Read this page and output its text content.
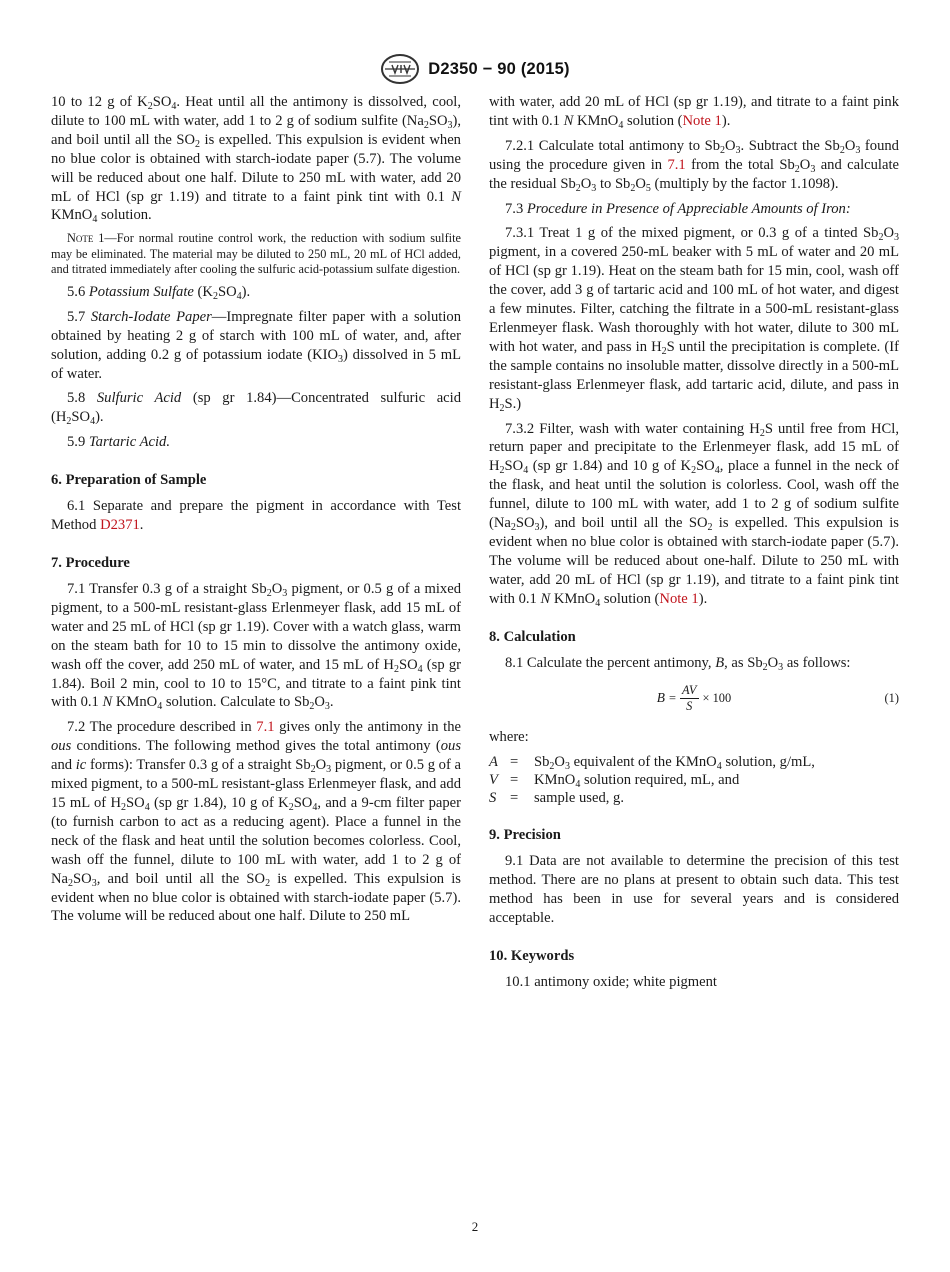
D2350 − 90 (2015)

10 to 12 g of $K_2SO_4$. Heat until all the antimony is dissolved, cool, dilute to 100 mL with water, add 1 to 2 g of sodium sulfite $(Na_2SO_3)$, and boil until all the $SO_2$ is expelled. This expulsion is evident when no blue color is obtained with starch-iodate paper (5.7). The volume will be reduced about one half. Dilute to 250 mL with water, add 20 mL of HCl (sp gr 1.19) and titrate to a faint pink tint with 0.1 N KMnO$_4$ solution.

Note 1—For normal routine control work, the reduction with sodium sulfite may be eliminated. The material may be diluted to 250 mL, 20 mL of HCl added, and titrated immediately after cooling the sulfuric acid-potassium sulfate digestion.

5.6 Potassium Sulfate $(K_2SO_4)$.

5.7 Starch-Iodate Paper—Impregnate filter paper with a solution obtained by heating 2 g of starch with 100 mL of water, and, after solution, adding 0.2 g of potassium iodate $(KIO_3)$ dissolved in 5 mL of water.

5.8 Sulfuric Acid (sp gr 1.84)—Concentrated sulfuric acid $(H_2SO_4)$.

5.9 Tartaric Acid.

6. Preparation of Sample

6.1 Separate and prepare the pigment in accordance with Test Method D2371.

7. Procedure

7.1 Transfer 0.3 g of a straight $Sb_2O_3$ pigment, or 0.5 g of a mixed pigment, to a 500-mL resistant-glass Erlenmeyer flask, add 15 mL of water and 25 mL of HCl (sp gr 1.19). Cover with a watch glass, warm on the steam bath for 10 to 15 min to dissolve the antimony oxide, wash off the cover, add 250 mL of water, and 15 mL of $H_2SO_4$ (sp gr 1.84). Boil 2 min, cool to 10 to 15°C, and titrate to a faint pink tint with 0.1 N KMnO$_4$ solution. Calculate to $Sb_2O_3$.

7.2 The procedure described in 7.1 gives only the antimony in the ous conditions. The following method gives the total antimony (ous and ic forms): Transfer 0.3 g of a straight $Sb_2O_3$ pigment, or 0.5 g of a mixed pigment, to a 500-mL resistant-glass Erlenmeyer flask, and add 15 mL of $H_2SO_4$ (sp gr 1.84), 10 g of $K_2SO_4$, and a 9-cm filter paper (to furnish carbon to act as a reducing agent). Place a funnel in the neck of the flask and heat until the solution becomes colorless. Cool, wash off the funnel, dilute to 100 mL with water, add 1 to 2 g of $Na_2SO_3$, and boil until all the $SO_2$ is expelled. This expulsion is evident when no blue color is obtained with starch-iodate paper (5.7). The volume will be reduced about one half. Dilute to 250 mL

with water, add 20 mL of HCl (sp gr 1.19), and titrate to a faint pink tint with 0.1 N KMnO$_4$ solution (Note 1).

7.2.1 Calculate total antimony to $Sb_2O_3$. Subtract the $Sb_2O_3$ found using the procedure given in 7.1 from the total $Sb_2O_3$ and calculate the residual $Sb_2O_3$ to $Sb_2O_5$ (multiply by the factor 1.1098).

7.3 Procedure in Presence of Appreciable Amounts of Iron:

7.3.1 Treat 1 g of the mixed pigment, or 0.3 g of a tinted $Sb_2O_3$ pigment, in a covered 250-mL beaker with 5 mL of water and 20 mL of HCl (sp gr 1.19). Heat on the steam bath for 15 min, cool, wash off the cover, add 3 g of tartaric acid and 100 mL of hot water, and digest a few minutes. Filter, catching the filtrate in a 500-mL resistant-glass Erlenmeyer flask. Wash thoroughly with hot water, dilute to 300 mL with hot water, and pass in $H_2S$ until the precipitation is complete. (If the sample contains no insoluble matter, dissolve directly in a 500-mL resistant-glass Erlenmeyer flask, add tartaric acid, dilute, and pass in $H_2S$.)

7.3.2 Filter, wash with water containing $H_2S$ until free from HCl, return paper and precipitate to the Erlenmeyer flask, add 15 mL of $H_2SO_4$ (sp gr 1.84) and 10 g of $K_2SO_4$, place a funnel in the neck of the flask, and heat until the solution is colorless. Cool, wash off the funnel, dilute to 100 mL with water, add 1 to 2 g of sodium sulfite $(Na_2SO_3)$, and boil until all the $SO_2$ is expelled. This expulsion is evident when no blue color is obtained with starch-iodate paper (5.7). The volume will be reduced about one-half. Dilute to 250 mL with water, add 20 mL of HCl (sp gr 1.19), and titrate to a faint pink tint with 0.1 N KMnO$_4$ solution (Note 1).

8. Calculation

8.1 Calculate the percent antimony, B, as $Sb_2O_3$ as follows:

$B = \frac{AV}{S} \times 100$	(1)

where:

A =	$Sb_2O_3$ equivalent of the KMnO$_4$ solution, g/mL,
V =	KMnO$_4$ solution required, mL, and
S =	sample used, g.
9. Precision

9.1 Data are not available to determine the precision of this test method. There are no plans at present to obtain such data. This test method has been in use for several years and is considered acceptable.

10. Keywords

10.1 antimony oxide; white pigment

2
